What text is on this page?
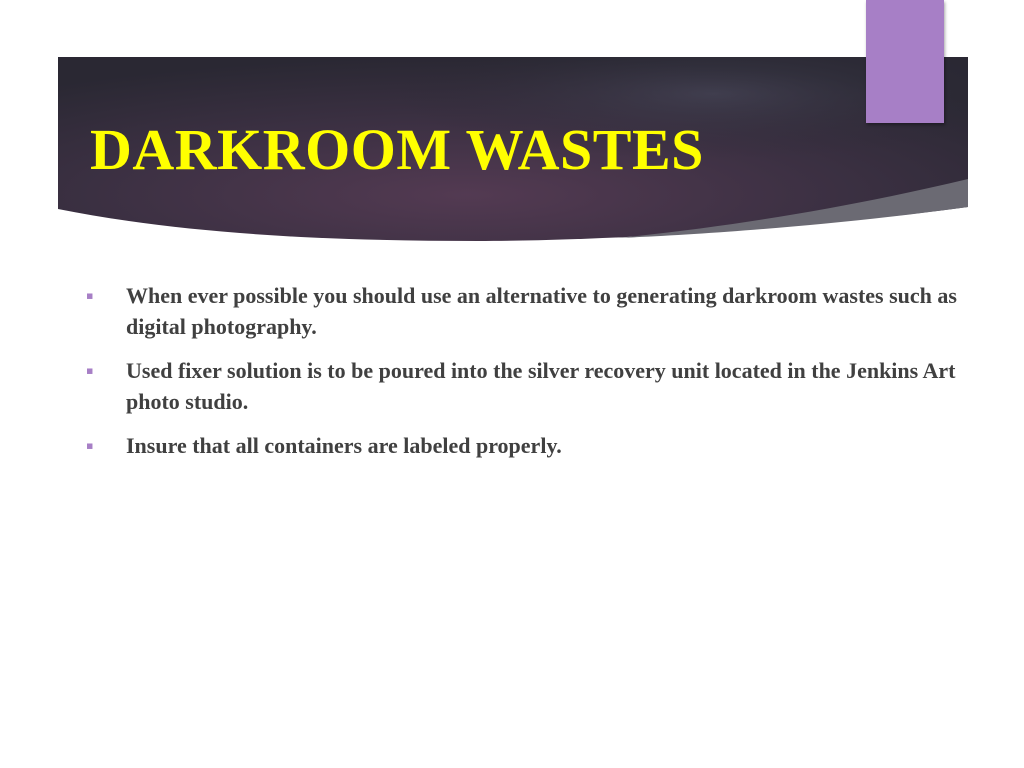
DARKROOM WASTES
▪	When ever possible you should use an alternative to generating darkroom wastes such as digital photography.
▪	Used fixer solution is to be poured into the silver recovery unit located in the Jenkins Art photo studio.
▪	Insure that all containers are labeled properly.
